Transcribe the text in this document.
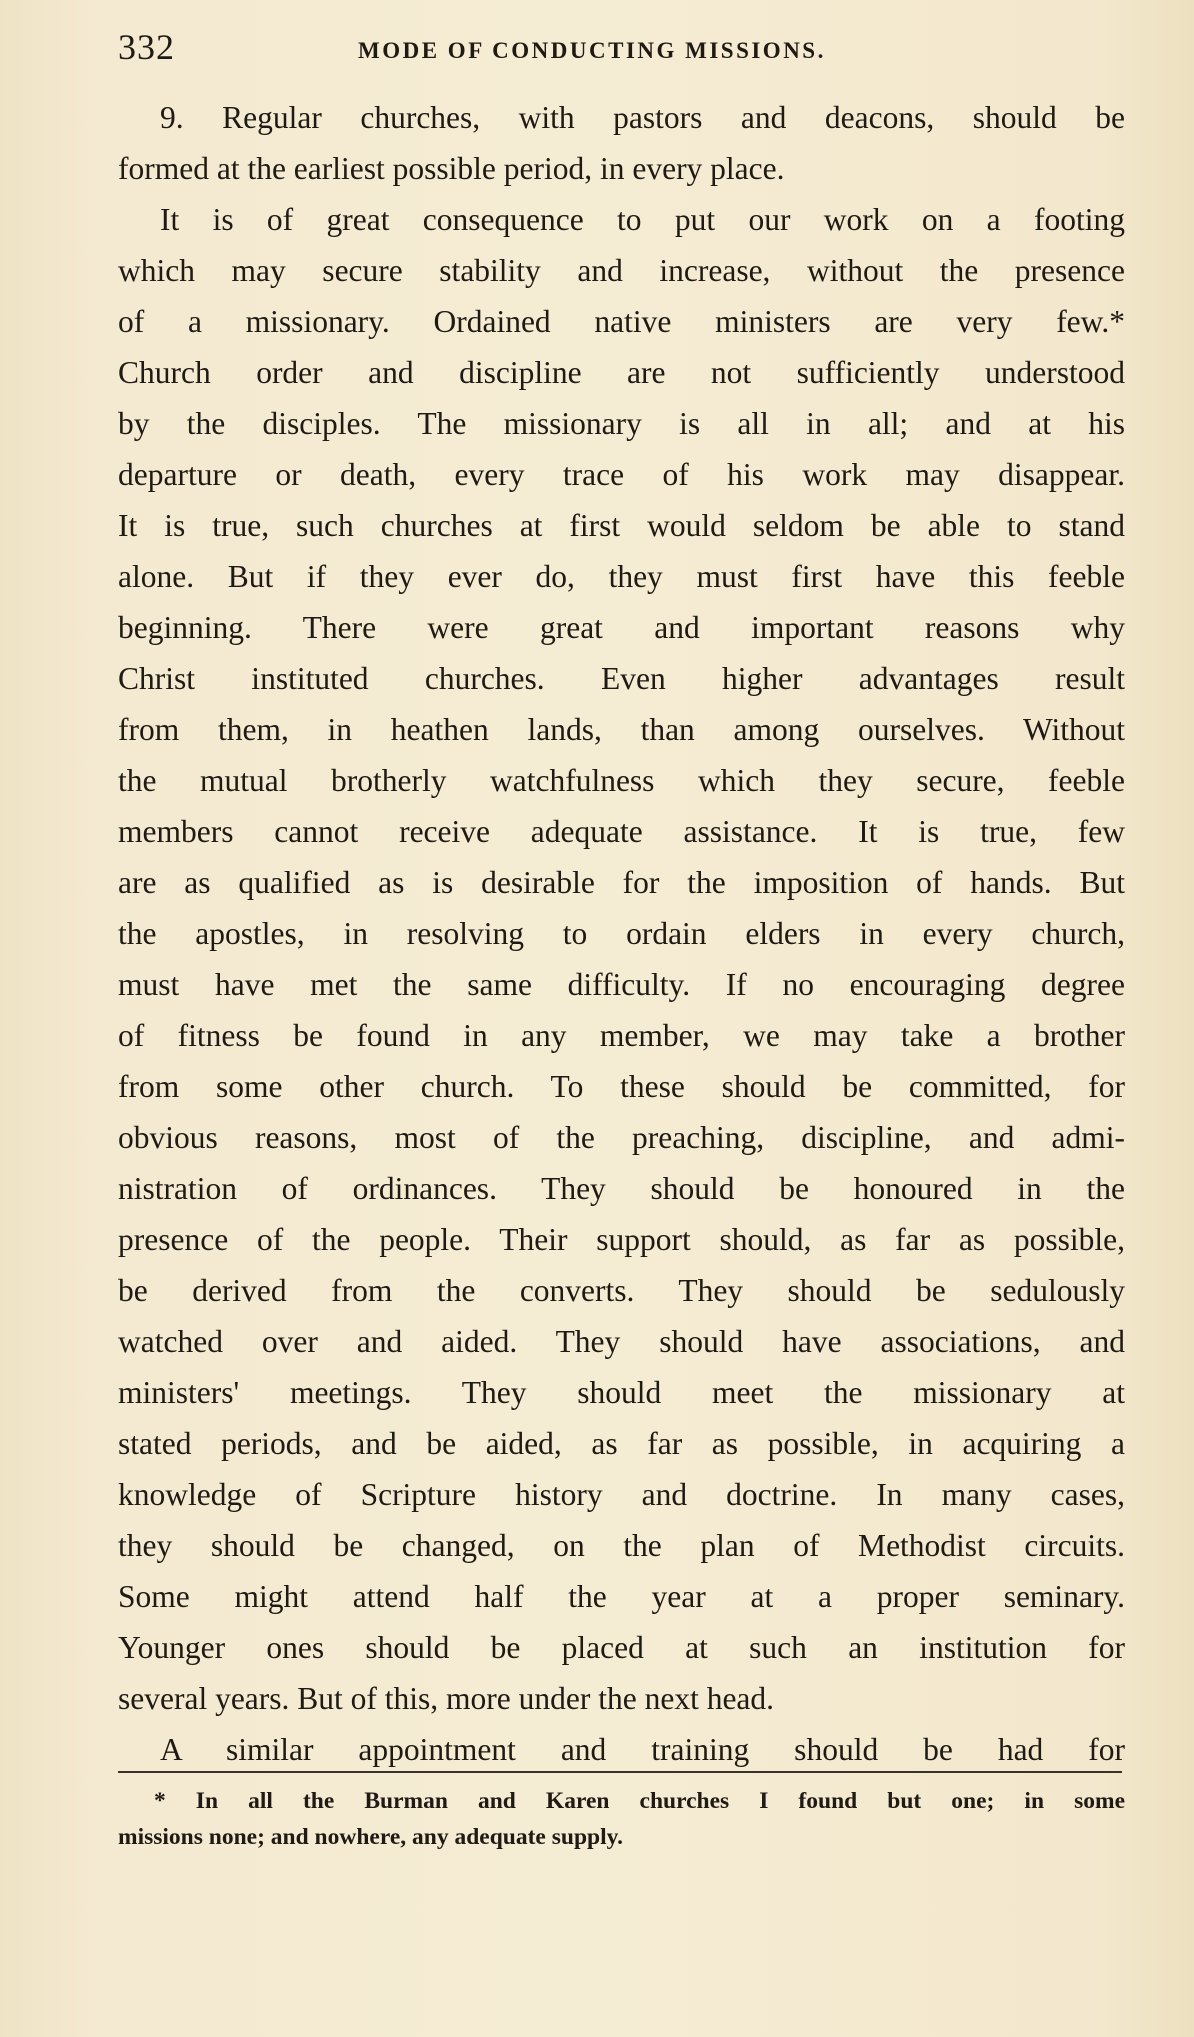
332	MODE OF CONDUCTING MISSIONS.
9. Regular churches, with pastors and deacons, should be
formed at the earliest possible period, in every place.
It is of great consequence to put our work on a footing
which may secure stability and increase, without the presence
of a missionary. Ordained native ministers are very few.*
Church order and discipline are not sufficiently understood
by the disciples. The missionary is all in all; and at his
departure or death, every trace of his work may disappear.
It is true, such churches at first would seldom be able to stand
alone. But if they ever do, they must first have this feeble
beginning. There were great and important reasons why
Christ instituted churches. Even higher advantages result
from them, in heathen lands, than among ourselves. Without
the mutual brotherly watchfulness which they secure, feeble
members cannot receive adequate assistance. It is true, few
are as qualified as is desirable for the imposition of hands. But
the apostles, in resolving to ordain elders in every church,
must have met the same difficulty. If no encouraging degree
of fitness be found in any member, we may take a brother
from some other church. To these should be committed, for
obvious reasons, most of the preaching, discipline, and admi-
nistration of ordinances. They should be honoured in the
presence of the people. Their support should, as far as possible,
be derived from the converts. They should be sedulously
watched over and aided. They should have associations, and
ministers' meetings. They should meet the missionary at
stated periods, and be aided, as far as possible, in acquiring a
knowledge of Scripture history and doctrine. In many cases,
they should be changed, on the plan of Methodist circuits.
Some might attend half the year at a proper seminary.
Younger ones should be placed at such an institution for
several years. But of this, more under the next head.
A similar appointment and training should be had for
* In all the Burman and Karen churches I found but one; in some
missions none; and nowhere, any adequate supply.
